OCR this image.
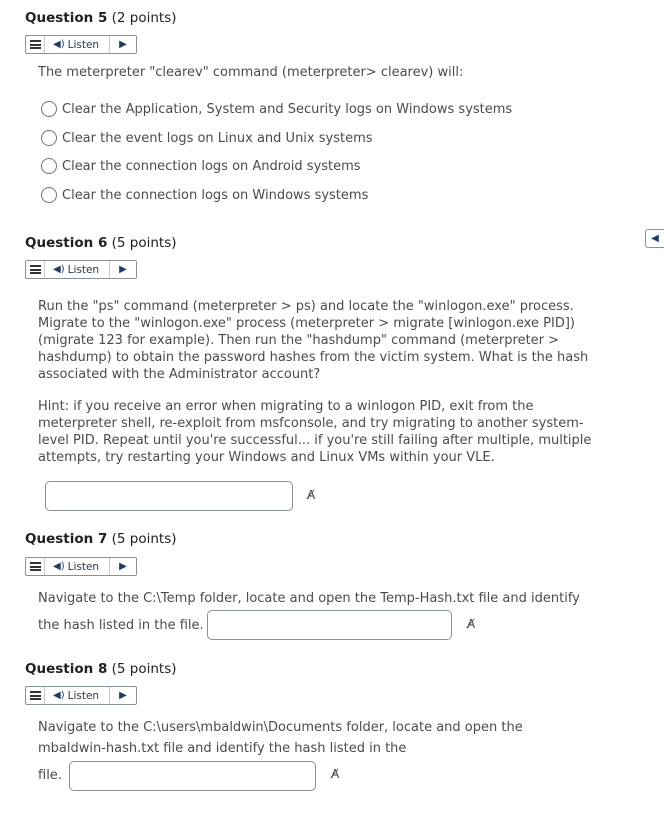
Question 5 (2 points)
◀) Listen	▶
The meterpreter "clearev" command (meterpreter> clearev) will:
Clear the Application, System and Security logs on Windows systems
Clear the event logs on Linux and Unix systems
Clear the connection logs on Android systems
Clear the connection logs on Windows systems
◀
Question 6 (5 points)
◀) Listen	▶
Run the "ps" command (meterpreter > ps) and locate the "winlogon.exe" process.
Migrate to the "winlogon.exe" process (meterpreter > migrate [winlogon.exe PID])
(migrate 123 for example). Then run the "hashdump" command (meterpreter >
hashdump) to obtain the password hashes from the victim system. What is the hash
associated with the Administrator account?
Hint: if you receive an error when migrating to a winlogon PID, exit from the
meterpreter shell, re-exploit from msfconsole, and try migrating to another system-
level PID. Repeat until you're successful... if you're still failing after multiple, multiple
attempts, try restarting your Windows and Linux VMs within your VLE.
A̸
Question 7 (5 points)
◀) Listen	▶
Navigate to the C:\Temp folder, locate and open the Temp-Hash.txt file and identify
the hash listed in the file.	A̸
Question 8 (5 points)
◀) Listen	▶
Navigate to the C:\users\mbaldwin\Documents folder, locate and open the
mbaldwin-hash.txt file and identify the hash listed in the
file.	A̸
